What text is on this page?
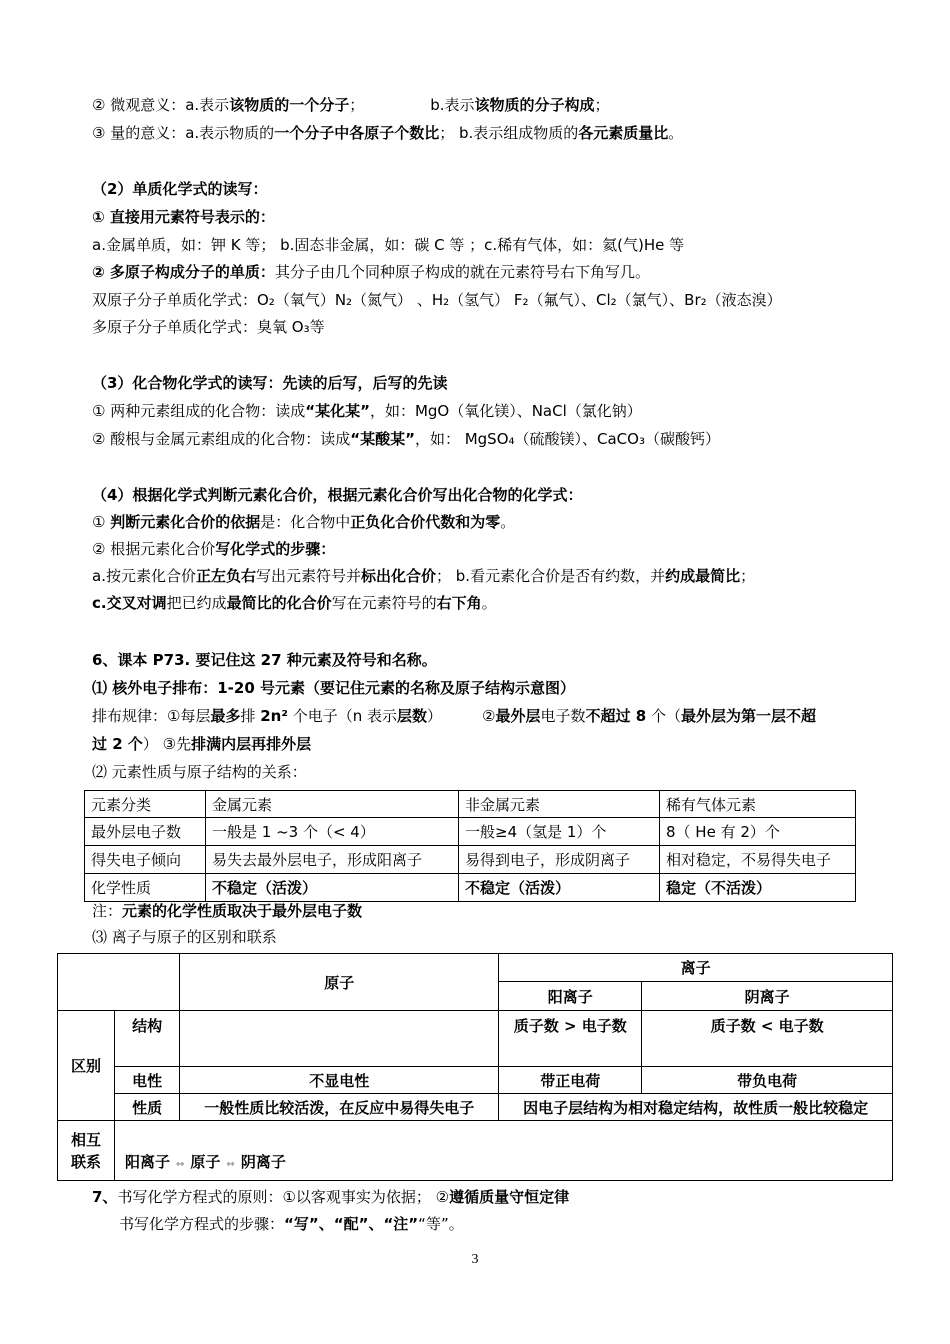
② 微观意义：a.表示该物质的一个分子；	b.表示该物质的分子构成；
③ 量的意义：a.表示物质的一个分子中各原子个数比； b.表示组成物质的各元素质量比。
（2）单质化学式的读写：
① 直接用元素符号表示的：
a.金属单质，如：钾 K 等； b.固态非金属，如：碳 C 等 ；c.稀有气体，如：氦(气)He 等
② 多原子构成分子的单质：其分子由几个同种原子构成的就在元素符号右下角写几。
双原子分子单质化学式：O₂（氧气）N₂（氮气） 、H₂（氢气） F₂（氟气）、Cl₂（氯气）、Br₂（液态溴）
多原子分子单质化学式：臭氧 O₃等
（3）化合物化学式的读写：先读的后写，后写的先读
① 两种元素组成的化合物：读成“某化某”，如：MgO（氧化镁）、NaCl（氯化钠）
② 酸根与金属元素组成的化合物：读成“某酸某”，如： MgSO₄（硫酸镁）、CaCO₃（碳酸钙）
（4）根据化学式判断元素化合价，根据元素化合价写出化合物的化学式：
① 判断元素化合价的依据是：化合物中正负化合价代数和为零。
② 根据元素化合价写化学式的步骤：
a.按元素化合价正左负右写出元素符号并标出化合价； b.看元素化合价是否有约数，并约成最简比；
c.交叉对调把已约成最简比的化合价写在元素符号的右下角。
6、课本 P73. 要记住这 27 种元素及符号和名称。
⑴ 核外电子排布：1-20 号元素（要记住元素的名称及原子结构示意图）
排布规律：①每层最多排 2n² 个电子（n 表示层数）	②最外层电子数不超过 8 个（最外层为第一层不超
过 2 个） ③先排满内层再排外层
⑵ 元素性质与原子结构的关系：
元素分类	金属元素	非金属元素	稀有气体元素
最外层电子数	一般是 1 ~3 个（< 4）	一般≥4（氢是 1）个	8（ He 有 2）个
得失电子倾向	易失去最外层电子，形成阳离子	易得到电子，形成阴离子	相对稳定，不易得失电子
化学性质	不稳定（活泼）	不稳定（活泼）	稳定（不活泼）
注：元素的化学性质取决于最外层电子数
⑶ 离子与原子的区别和联系
		原子	离子	
			阳离子	阴离子
区别	结构		质子数 > 电子数	质子数 < 电子数
	电性	不显电性	带正电荷	带负电荷
	性质	一般性质比较活泼，在反应中易得失电子	因电子层结构为相对稳定结构，故性质一般比较稳定	
相互
联系	阳离子 ↔ 原子 ↔ 阴离子			
7、书写化学方程式的原则：①以客观事实为依据； ②遵循质量守恒定律
书写化学方程式的步骤：“写”、“配”、“注”“等”。
3
